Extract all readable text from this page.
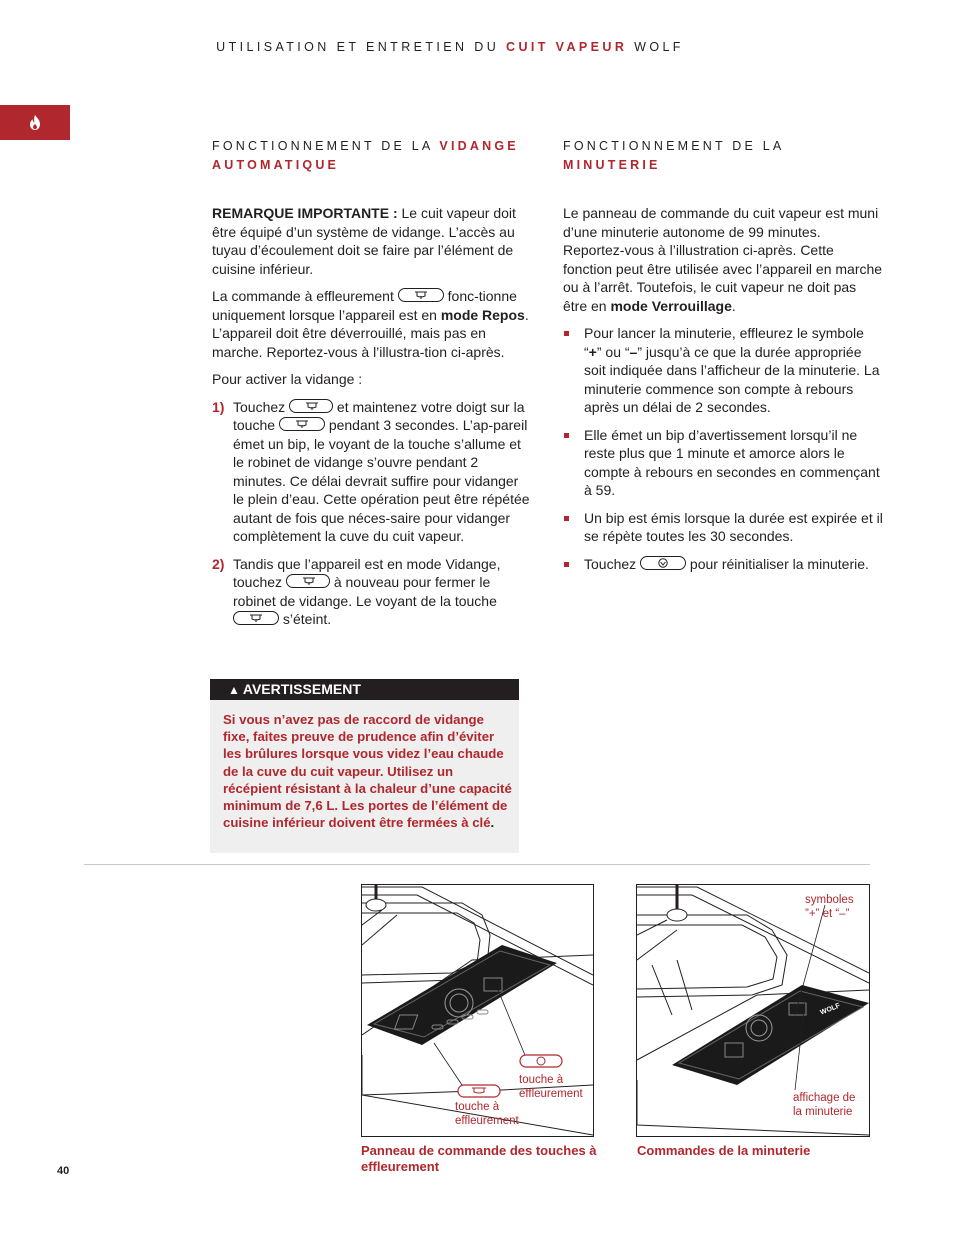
UTILISATION ET ENTRETIEN DU CUIT VAPEUR WOLF
FONCTIONNEMENT DE LA VIDANGE
AUTOMATIQUE

REMARQUE IMPORTANTE : Le cuit vapeur doit être équipé d’un système de vidange. L’accès au tuyau d’écoulement doit se faire par l’élément de cuisine inférieur.

La commande à effleurement	fonc-tionne uniquement lorsque l’appareil est en mode Repos. L’appareil doit être déverrouillé, mais pas en marche. Reportez-vous à l’illustra-tion ci-après.

Pour activer la vidange :

1) Touchez	et maintenez votre doigt sur la touche	pendant 3 secondes. L’ap-pareil émet un bip, le voyant de la touche s’allume et le robinet de vidange s’ouvre pendant 2 minutes. Ce délai devrait suffire pour vidanger le plein d’eau. Cette opération peut être répétée autant de fois que néces-saire pour vidanger complètement la cuve du cuit vapeur.
2) Tandis que l’appareil est en mode Vidange, touchez	à nouveau pour fermer le robinet de vidange. Le voyant de la touche
s’éteint.
▲ AVERTISSEMENT
Si vous n’avez pas de raccord de vidange fixe, faites preuve de prudence afin d’éviter les brûlures lorsque vous videz l’eau chaude de la cuve du cuit vapeur. Utilisez un récépient résistant à la chaleur d’une capacité minimum de 7,6 L. Les portes de l’élément de cuisine inférieur doivent être fermées à clé.
FONCTIONNEMENT DE LA
MINUTERIE

Le panneau de commande du cuit vapeur est muni d’une minuterie autonome de 99 minutes. Reportez-vous à l’illustration ci-après. Cette fonction peut être utilisée avec l’appareil en marche ou à l’arrêt. Toutefois, le cuit vapeur ne doit pas être en mode Verrouillage.

Pour lancer la minuterie, effleurez le symbole “+” ou “–” jusqu’à ce que la durée appropriée soit indiquée dans l’afficheur de la minuterie. La minuterie commence son compte à rebours après un délai de 2 secondes.
Elle émet un bip d’avertissement lorsqu’il ne reste plus que 1 minute et amorce alors le compte à rebours en secondes en commençant à 59.
Un bip est émis lorsque la durée est expirée et il se répète toutes les 30 secondes.
Touchez	pour réinitialiser la minuterie.
WOLF
touche à effleurement
touche à effleurement
Panneau de commande des touches à effleurement
WOLF
symboles ”+” et “–”
affichage de la minuterie
Commandes de la minuterie
40
